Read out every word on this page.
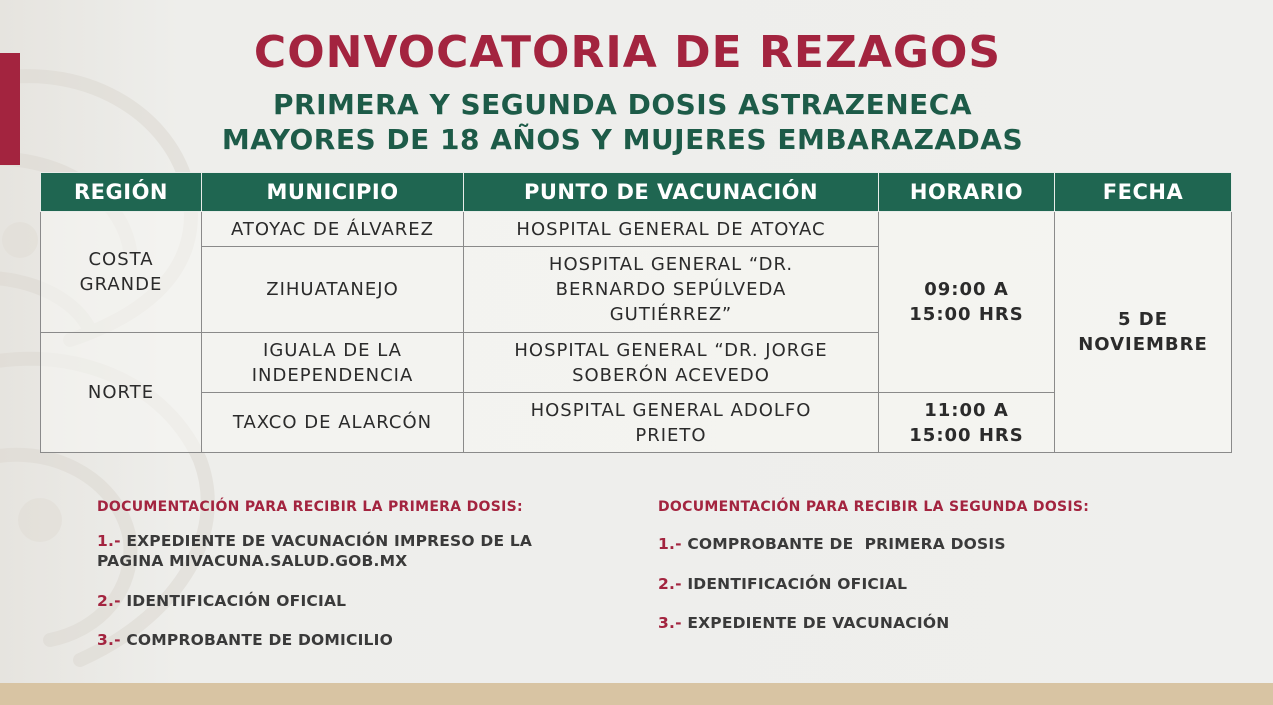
CONVOCATORIA DE REZAGOS
PRIMERA Y SEGUNDA DOSIS ASTRAZENECA
MAYORES DE 18 AÑOS Y MUJERES EMBARAZADAS
REGIÓN	MUNICIPIO	PUNTO DE VACUNACIÓN	HORARIO	FECHA
COSTA GRANDE	ATOYAC DE ÁLVAREZ	HOSPITAL GENERAL DE ATOYAC	09:00 A 15:00 HRS	5 DE NOVIEMBRE
	ZIHUATANEJO	HOSPITAL GENERAL “DR. BERNARDO SEPÚLVEDA GUTIÉRREZ”		
NORTE	IGUALA DE LA INDEPENDENCIA	HOSPITAL GENERAL “DR. JORGE SOBERÓN ACEVEDO		
	TAXCO DE ALARCÓN	HOSPITAL GENERAL ADOLFO PRIETO	11:00 A 15:00 HRS	
DOCUMENTACIÓN PARA RECIBIR LA PRIMERA DOSIS:
1.- EXPEDIENTE DE VACUNACIÓN IMPRESO DE LA PAGINA MIVACUNA.SALUD.GOB.MX
2.- IDENTIFICACIÓN OFICIAL
3.- COMPROBANTE DE DOMICILIO
DOCUMENTACIÓN PARA RECIBIR LA SEGUNDA DOSIS:
1.- COMPROBANTE DE  PRIMERA DOSIS
2.- IDENTIFICACIÓN OFICIAL
3.- EXPEDIENTE DE VACUNACIÓN
